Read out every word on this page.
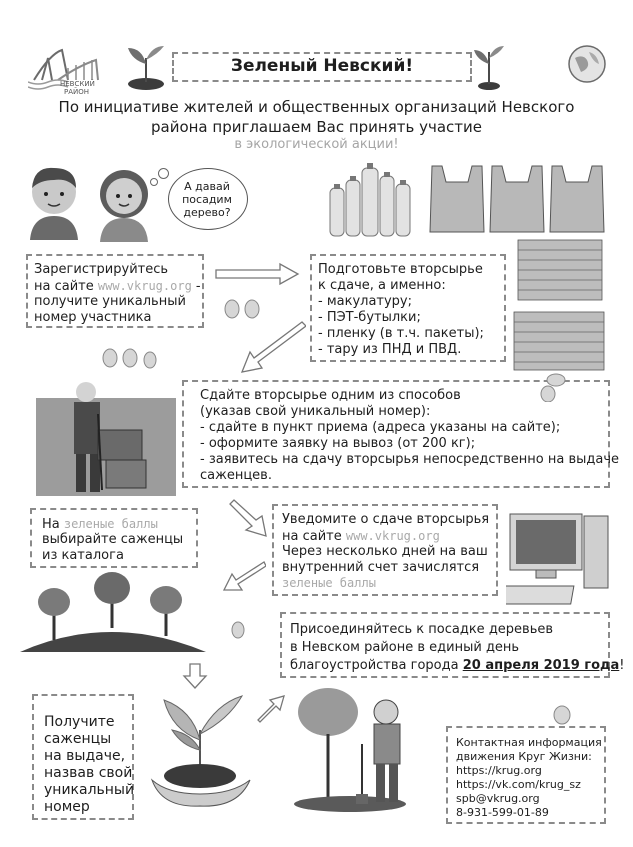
НЕВСКИЙ
РАЙОН
Зеленый Невский!
По инициативе жителей и общественных организаций Невского
района приглашаем Вас принять участие
в экологической акции!
А давай
посадим
дерево?
Зарегистрируйтесь
на сайте www.vkrug.org -
получите уникальный
номер участника
Подготовьте вторсырье
к сдаче, а именно:
- макулатуру;
- ПЭТ-бутылки;
- пленку (в т.ч. пакеты);
- тару из ПНД и ПВД.
Сдайте вторсырье одним из способов
(указав свой уникальный номер):
- сдайте в пункт приема (адреса указаны на сайте);
- оформите заявку на вывоз (от 200 кг);
- заявитесь на сдачу вторсырья непосредственно на выдаче
саженцев.
На зеленые баллы
выбирайте саженцы
из каталога
Уведомите о сдаче вторсырья
на сайте www.vkrug.org
Через несколько дней на ваш
внутренний счет зачислятся
зеленые баллы
Присоединяйтесь к посадке деревьев
в Невском районе в единый день
благоустройства города 20 апреля 2019 года!
Получите
саженцы
на выдаче,
назвав свой
уникальный
номер
Контактная информация
движения Круг Жизни:
https://krug.org
https://vk.com/krug_sz
spb@vkrug.org
8-931-599-01-89
